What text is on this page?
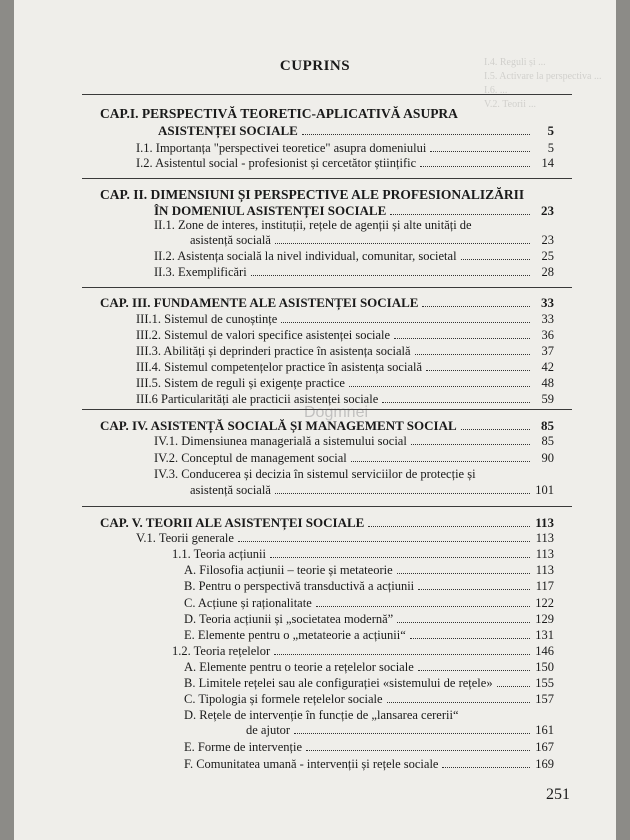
I.4. Reguli și ...
I.5. Activare la perspectiva ...
I.6. ...
V.2. Teorii ...
CUPRINS
CAP.I. PERSPECTIVĂ TEORETIC-APLICATIVĂ ASUPRA
ASISTENȚEI SOCIALE	5
I.1. Importanța "perspectivei teoretice" asupra domeniului	5
I.2. Asistentul social - profesionist și cercetător științific	14
CAP. II. DIMENSIUNI ȘI PERSPECTIVE ALE PROFESIONALIZĂRII
ÎN DOMENIUL ASISTENȚEI SOCIALE	23
II.1. Zone de interes, instituții, rețele de agenții și alte unități de
asistență socială	23
II.2. Asistența socială la nivel individual, comunitar, societal	25
II.3. Exemplificări	28
CAP. III. FUNDAMENTE ALE ASISTENȚEI SOCIALE	33
III.1. Sistemul de cunoștințe	33
III.2. Sistemul de valori specifice asistenței sociale	36
III.3. Abilități și deprinderi practice în asistența socială	37
III.4. Sistemul competențelor practice în asistența socială	42
III.5. Sistem de reguli și exigențe practice	48
III.6 Particularități ale practicii asistenței sociale	59
Dogmnei
CAP. IV. ASISTENȚĂ SOCIALĂ ȘI MANAGEMENT SOCIAL	85
IV.1. Dimensiunea managerială a sistemului social	85
IV.2. Conceptul de management social	90
IV.3. Conducerea și decizia în sistemul serviciilor de protecție și
asistență socială	101
CAP. V. TEORII ALE ASISTENȚEI SOCIALE	113
V.1. Teorii generale	113
1.1. Teoria acțiunii	113
A. Filosofia acțiunii – teorie și metateorie	113
B. Pentru o perspectivă transductivă a acțiunii	117
C. Acțiune și raționalitate	122
D. Teoria acțiunii și „societatea modernă”	129
E. Elemente pentru o „metateorie a acțiunii“	131
1.2. Teoria rețelelor	146
A. Elemente pentru o teorie a rețelelor sociale	150
B. Limitele rețelei sau ale configurației «sistemului de rețele»	155
C. Tipologia și formele rețelelor sociale	157
D. Rețele de intervenție în funcție de „lansarea cererii“
de ajutor	161
E. Forme de intervenție	167
F. Comunitatea umană - intervenții și rețele sociale	169
251
